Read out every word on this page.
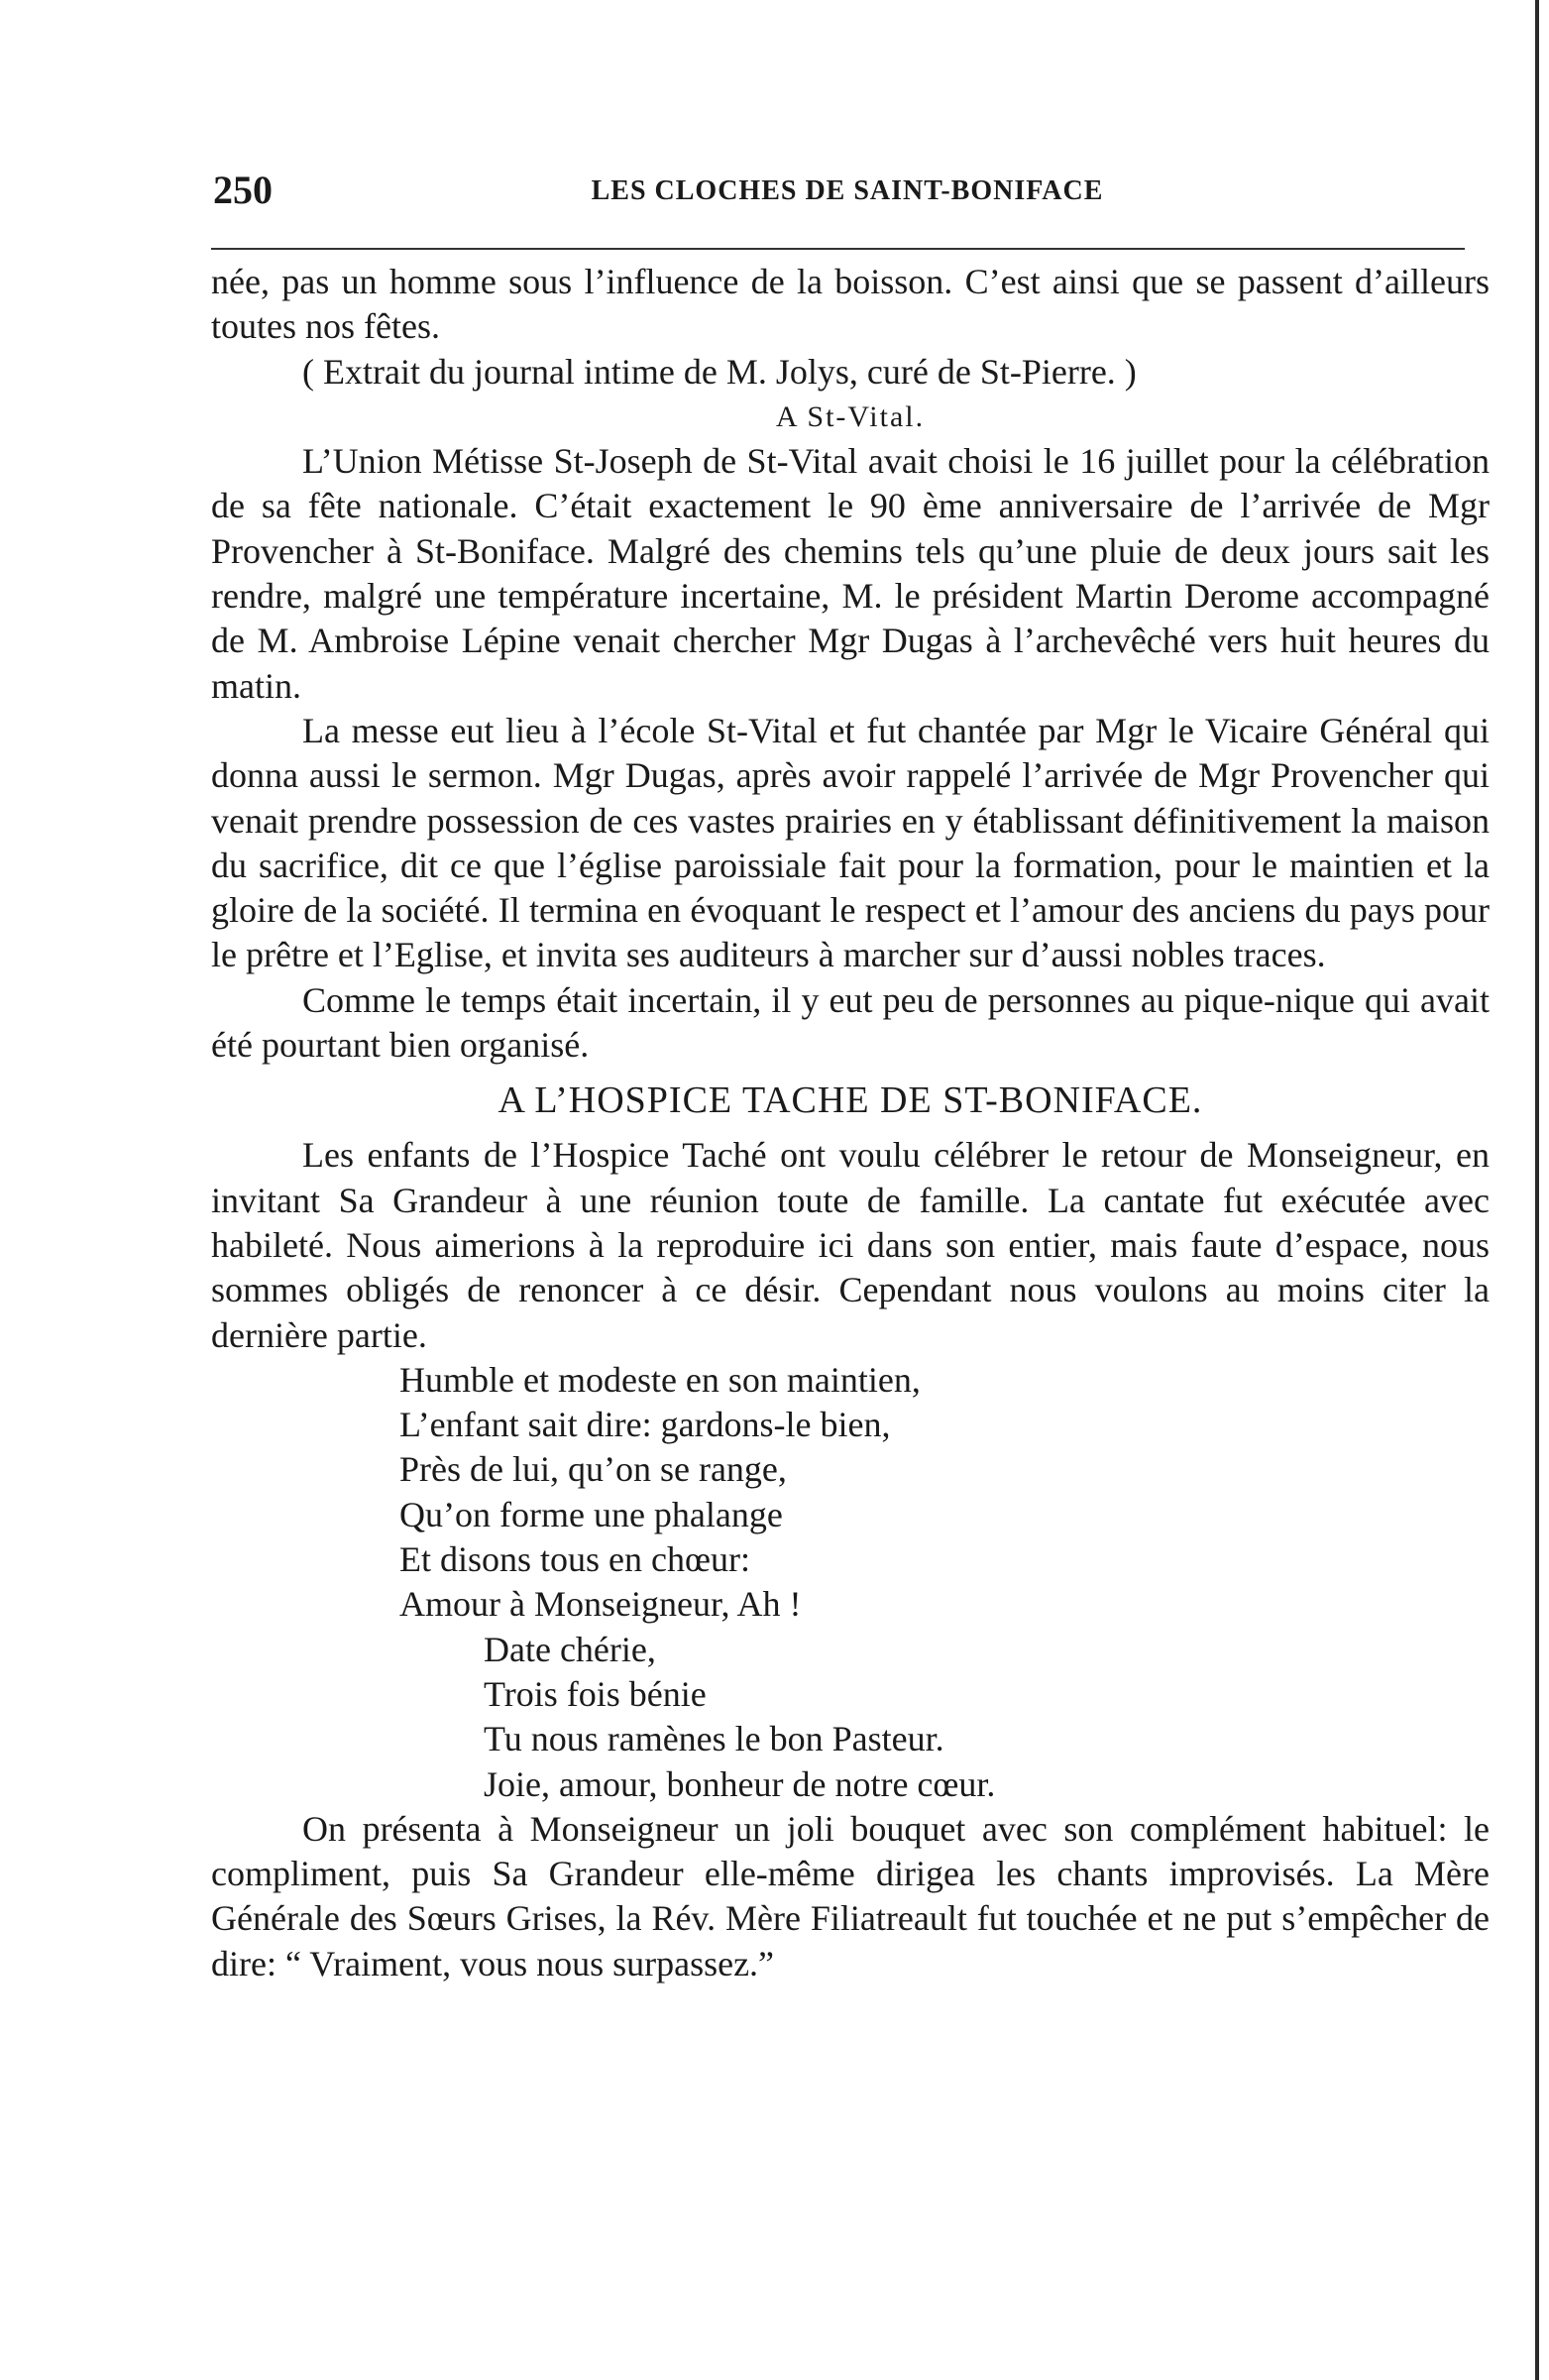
250	LES CLOCHES DE SAINT-BONIFACE

née, pas un homme sous l’influence de la boisson. C’est ainsi que se passent d’ailleurs toutes nos fêtes.

( Extrait du journal intime de M. Jolys, curé de St-Pierre. )

A St-Vital.

L’Union Métisse St-Joseph de St-Vital avait choisi le 16 juillet pour la célébration de sa fête nationale. C’était exactement le 90 ème anniversaire de l’arrivée de Mgr Provencher à St-Boniface. Malgré des chemins tels qu’une pluie de deux jours sait les rendre, malgré une température incertaine, M. le président Martin Derome accompagné de M. Ambroise Lépine venait chercher Mgr Dugas à l’archevêché vers huit heures du matin.

La messe eut lieu à l’école St-Vital et fut chantée par Mgr le Vicaire Général qui donna aussi le sermon. Mgr Dugas, après avoir rappelé l’arrivée de Mgr Provencher qui venait prendre possession de ces vastes prairies en y établissant définitivement la maison du sacrifice, dit ce que l’église paroissiale fait pour la formation, pour le maintien et la gloire de la société. Il termina en évoquant le respect et l’amour des anciens du pays pour le prêtre et l’Eglise, et invita ses auditeurs à marcher sur d’aussi nobles traces.

Comme le temps était incertain, il y eut peu de personnes au pique-nique qui avait été pourtant bien organisé.

A L’HOSPICE TACHE DE ST-BONIFACE.

Les enfants de l’Hospice Taché ont voulu célébrer le retour de Monseigneur, en invitant Sa Grandeur à une réunion toute de famille. La cantate fut exécutée avec habileté. Nous aimerions à la reproduire ici dans son entier, mais faute d’espace, nous sommes obligés de renoncer à ce désir. Cependant nous voulons au moins citer la dernière partie.

Humble et modeste en son maintien,

L’enfant sait dire: gardons-le bien,

Près de lui, qu’on se range,

Qu’on forme une phalange

Et disons tous en chœur:

Amour à Monseigneur, Ah !

Date chérie,

Trois fois bénie

Tu nous ramènes le bon Pasteur.

Joie, amour, bonheur de notre cœur.

On présenta à Monseigneur un joli bouquet avec son complément habituel: le compliment, puis Sa Grandeur elle-même dirigea les chants improvisés. La Mère Générale des Sœurs Grises, la Rév. Mère Filiatreault fut touchée et ne put s’empêcher de dire: “ Vraiment, vous nous surpassez.”
